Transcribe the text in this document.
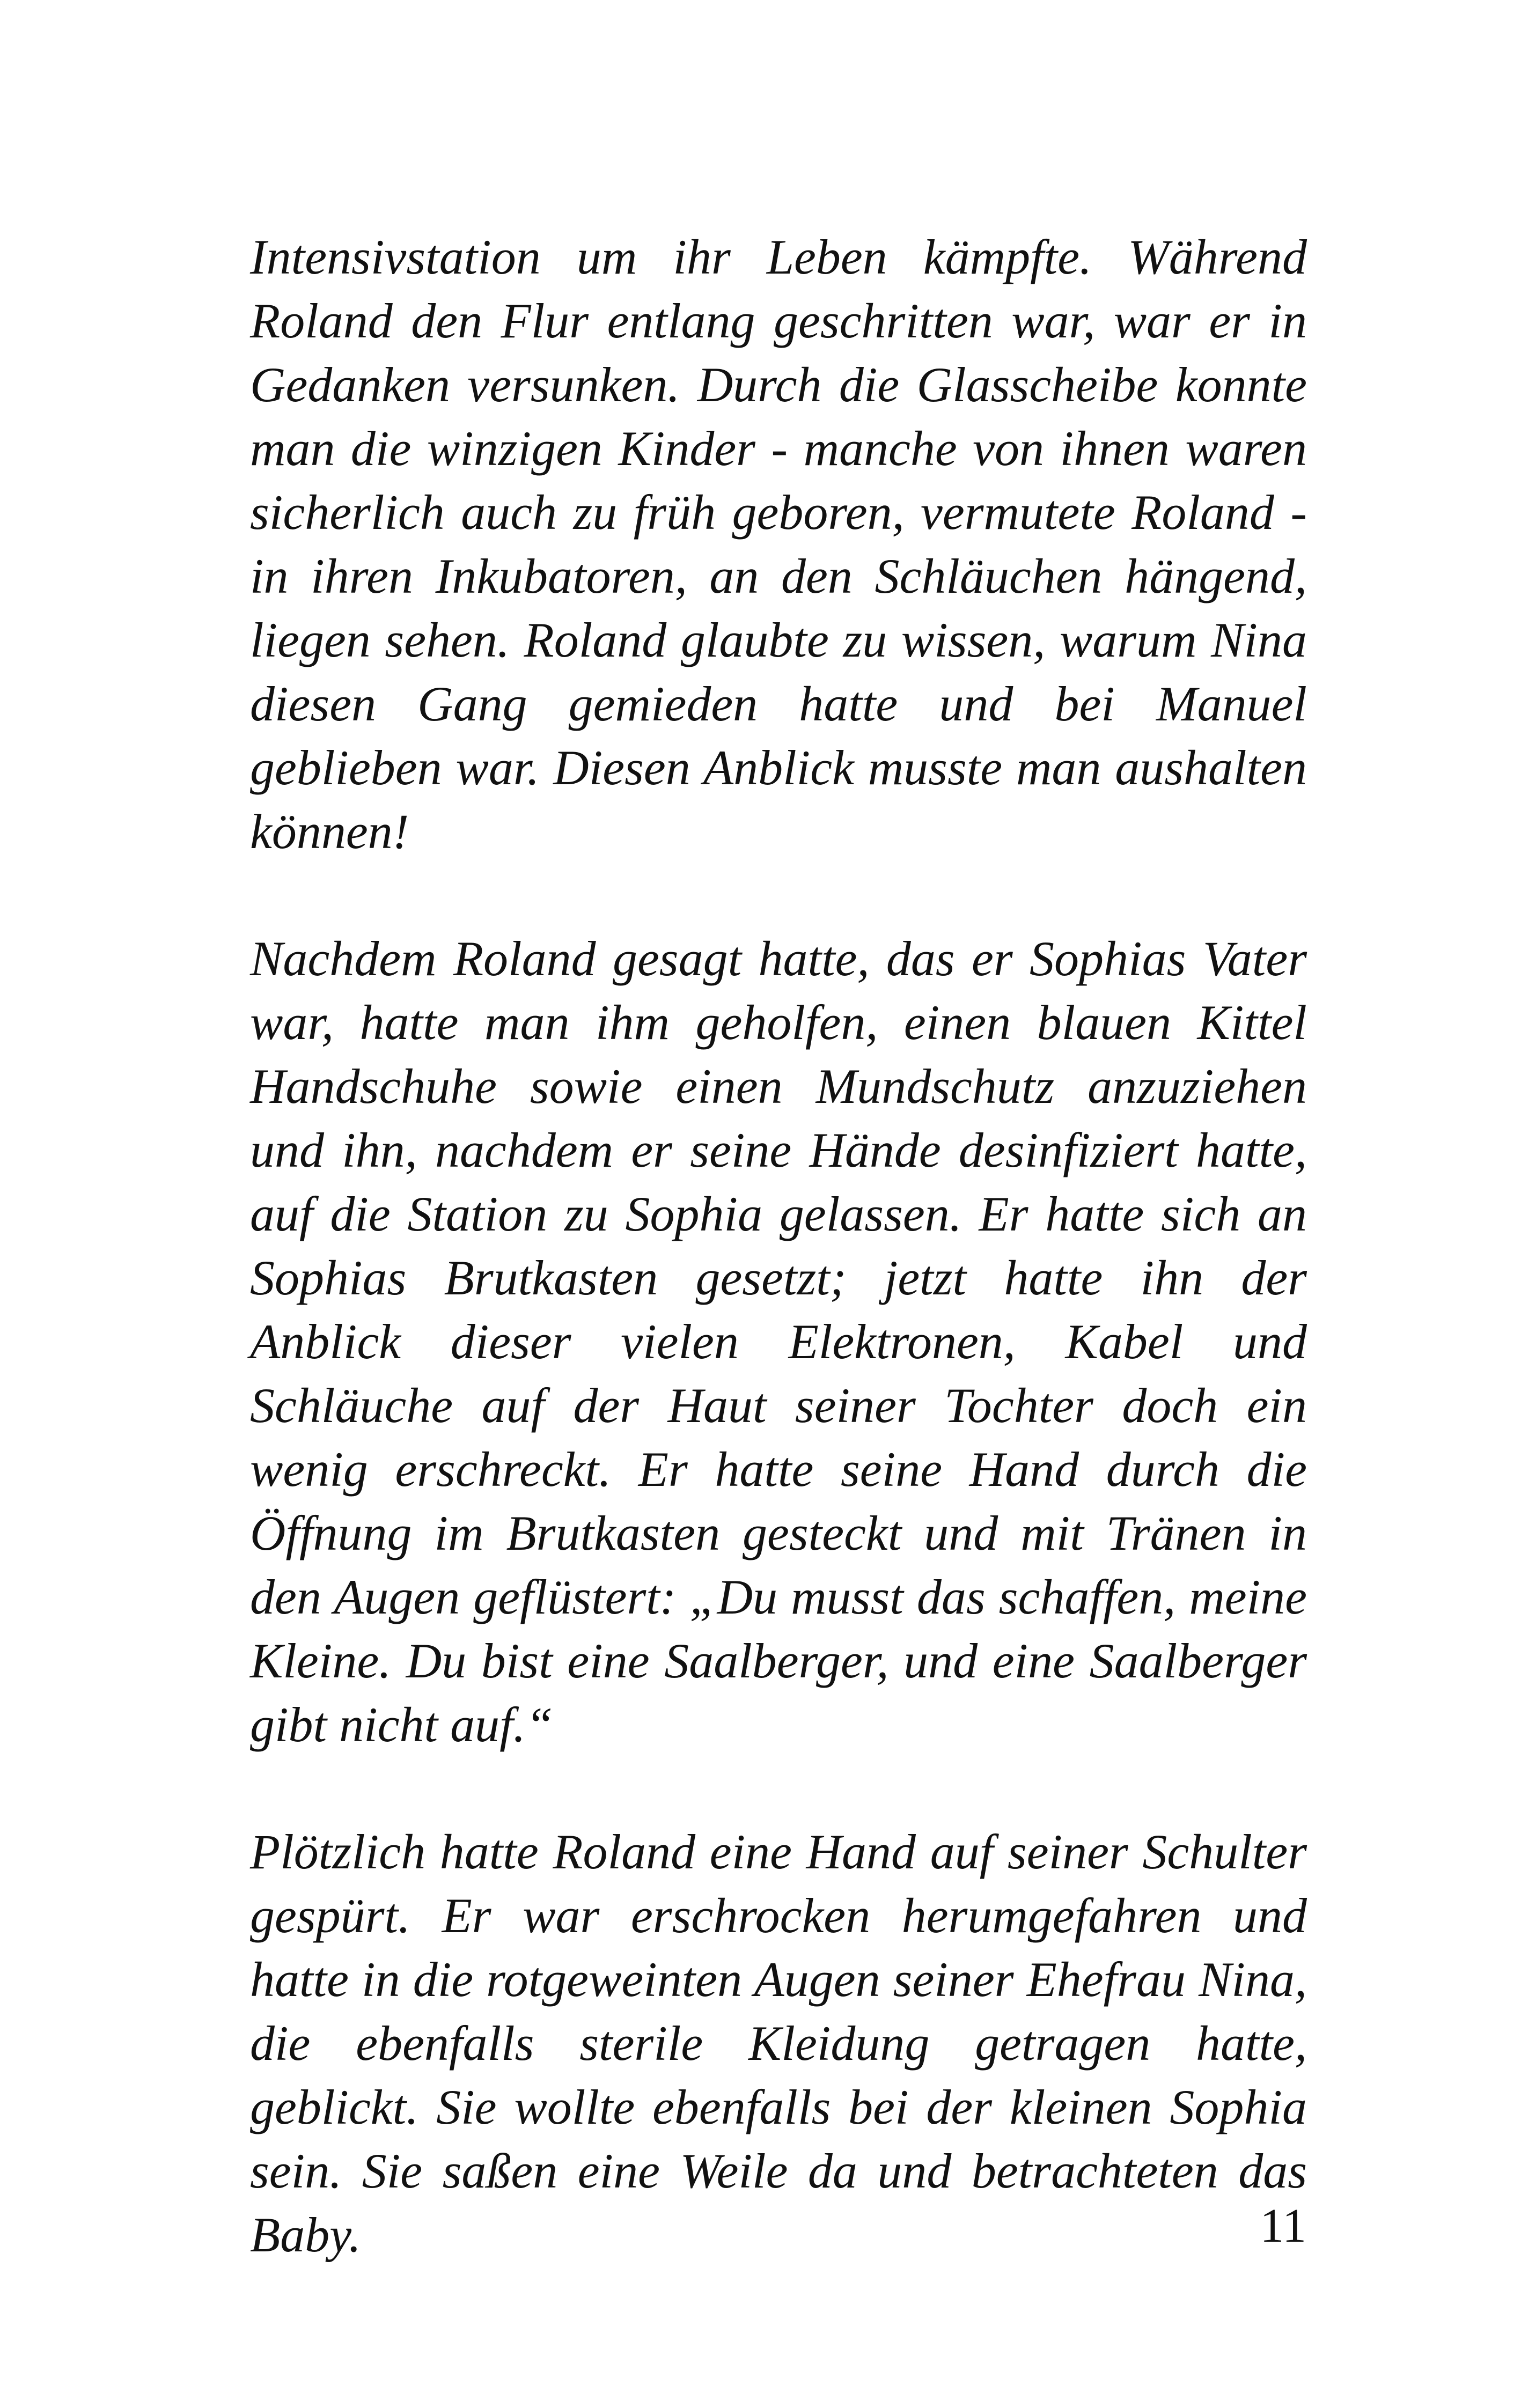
Intensivstation um ihr Leben kämpfte. Während Roland den Flur entlang geschritten war, war er in Gedanken versunken. Durch die Glasscheibe konnte man die winzigen Kinder - manche von ihnen waren sicherlich auch zu früh geboren, vermutete Roland - in ihren Inkubatoren, an den Schläuchen hängend, liegen sehen. Roland glaubte zu wissen, warum Nina diesen Gang gemieden hatte und bei Manuel geblieben war. Diesen Anblick musste man aushalten können!

Nachdem Roland gesagt hatte, das er Sophias Vater war, hatte man ihm geholfen, einen blauen Kittel Handschuhe sowie einen Mundschutz anzuziehen und ihn, nachdem er seine Hände desinfiziert hatte, auf die Station zu Sophia gelassen. Er hatte sich an Sophias Brutkasten gesetzt; jetzt hatte ihn der Anblick dieser vielen Elektronen, Kabel und Schläuche auf der Haut seiner Tochter doch ein wenig erschreckt. Er hatte seine Hand durch die Öffnung im Brutkasten gesteckt und mit Tränen in den Augen geflüstert: „Du musst das schaffen, meine Kleine. Du bist eine Saalberger, und eine Saalberger gibt nicht auf.“

Plötzlich hatte Roland eine Hand auf seiner Schulter gespürt. Er war erschrocken herumgefahren und hatte in die rotgeweinten Augen seiner Ehefrau Nina, die ebenfalls sterile Kleidung getragen hatte, geblickt. Sie wollte ebenfalls bei der kleinen Sophia sein. Sie saßen eine Weile da und betrachteten das Baby.	11
